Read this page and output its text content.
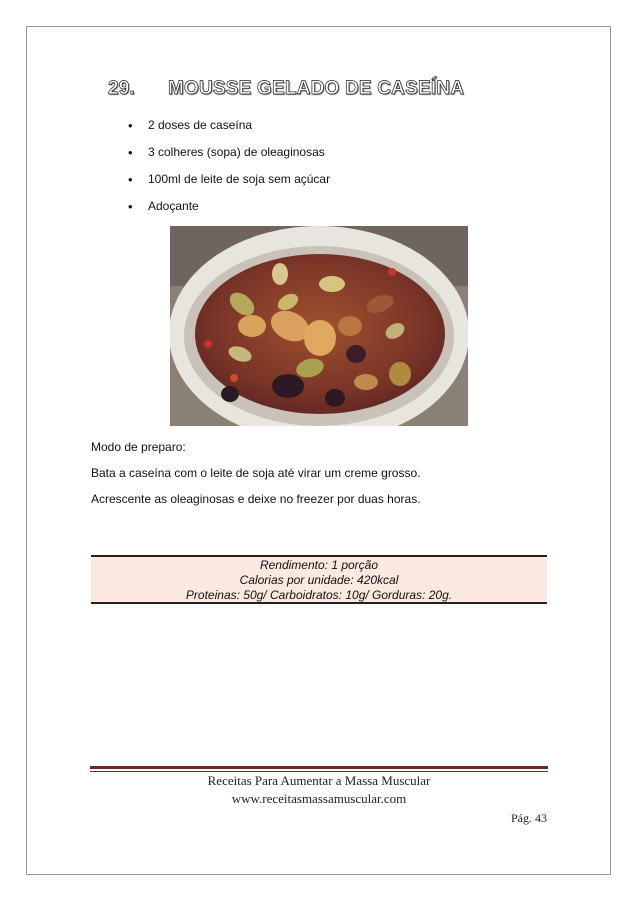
29. MOUSSE GELADO DE CASEÍNA
• 2 doses de caseína
• 3 colheres (sopa) de oleaginosas
• 100ml de leite de soja sem açúcar
• Adoçante

Modo de preparo:

Bata a caseína com o leite de soja até virar um creme grosso.

Acrescente as oleaginosas e deixe no freezer por duas horas.

Rendimento: 1 porção
Calorias por unidade: 420kcal
Proteinas: 50g/ Carboidratos: 10g/ Gorduras: 20g.

Receitas Para Aumentar a Massa Muscular

www.receitasmassamuscular.com

Pág. 43
